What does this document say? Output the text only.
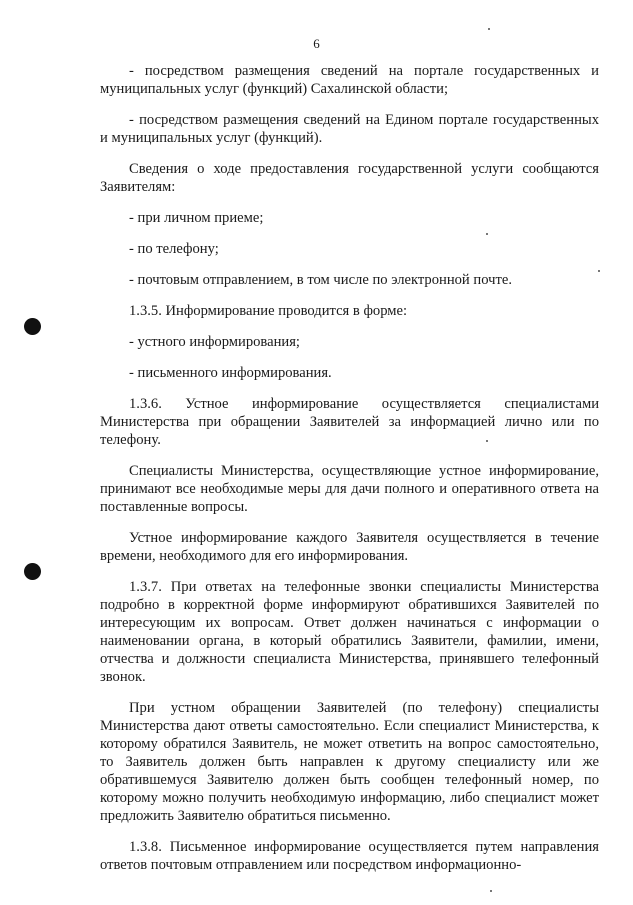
6

- посредством размещения сведений на портале государственных и муниципальных услуг (функций) Сахалинской области;

- посредством размещения сведений на Едином портале государственных и муниципальных услуг (функций).

Сведения о ходе предоставления государственной услуги сообщаются Заявителям:

- при личном приеме;

- по телефону;

- почтовым отправлением, в том числе по электронной почте.

1.3.5. Информирование проводится в форме:

- устного информирования;

- письменного информирования.

1.3.6. Устное информирование осуществляется специалистами Министерства при обращении Заявителей за информацией лично или по телефону.

Специалисты Министерства, осуществляющие устное информирование, принимают все необходимые меры для дачи полного и оперативного ответа на поставленные вопросы.

Устное информирование каждого Заявителя осуществляется в течение времени, необходимого для его информирования.

1.3.7. При ответах на телефонные звонки специалисты Министерства подробно в корректной форме информируют обратившихся Заявителей по интересующим их вопросам. Ответ должен начинаться с информации о наименовании органа, в который обратились Заявители, фамилии, имени, отчества и должности специалиста Министерства, принявшего телефонный звонок.

При устном обращении Заявителей (по телефону) специалисты Министерства дают ответы самостоятельно. Если специалист Министерства, к которому обратился Заявитель, не может ответить на вопрос самостоятельно, то Заявитель должен быть направлен к другому специалисту или же обратившемуся Заявителю должен быть сообщен телефонный номер, по которому можно получить необходимую информацию, либо специалист может предложить Заявителю обратиться письменно.

1.3.8. Письменное информирование осуществляется путем направления ответов почтовым отправлением или посредством информационно-
